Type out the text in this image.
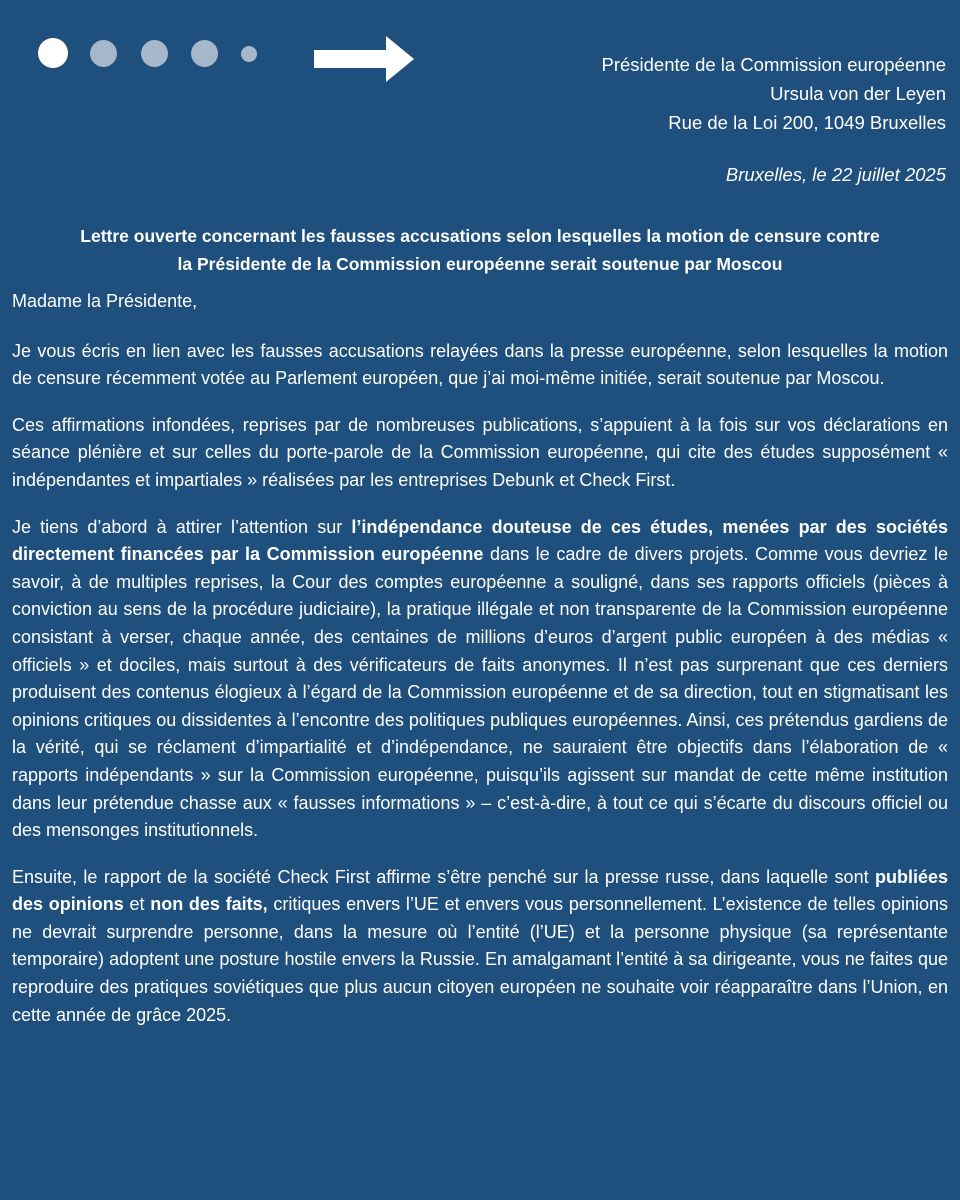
Présidente de la Commission européenne
Ursula von der Leyen
Rue de la Loi 200, 1049 Bruxelles
Bruxelles, le 22 juillet 2025
Lettre ouverte concernant les fausses accusations selon lesquelles la motion de censure contre
la Présidente de la Commission européenne serait soutenue par Moscou

Madame la Présidente,

Je vous écris en lien avec les fausses accusations relayées dans la presse européenne, selon lesquelles la motion de censure récemment votée au Parlement européen, que j’ai moi-même initiée, serait soutenue par Moscou.

Ces affirmations infondées, reprises par de nombreuses publications, s’appuient à la fois sur vos déclarations en séance plénière et sur celles du porte-parole de la Commission européenne, qui cite des études supposément « indépendantes et impartiales » réalisées par les entreprises Debunk et Check First.

Je tiens d’abord à attirer l’attention sur l’indépendance douteuse de ces études, menées par des sociétés directement financées par la Commission européenne dans le cadre de divers projets. Comme vous devriez le savoir, à de multiples reprises, la Cour des comptes européenne a souligné, dans ses rapports officiels (pièces à conviction au sens de la procédure judiciaire), la pratique illégale et non transparente de la Commission européenne consistant à verser, chaque année, des centaines de millions d’euros d’argent public européen à des médias « officiels » et dociles, mais surtout à des vérificateurs de faits anonymes. Il n’est pas surprenant que ces derniers produisent des contenus élogieux à l’égard de la Commission européenne et de sa direction, tout en stigmatisant les opinions critiques ou dissidentes à l’encontre des politiques publiques européennes. Ainsi, ces prétendus gardiens de la vérité, qui se réclament d’impartialité et d’indépendance, ne sauraient être objectifs dans l’élaboration de « rapports indépendants » sur la Commission européenne, puisqu’ils agissent sur mandat de cette même institution dans leur prétendue chasse aux « fausses informations » – c’est-à-dire, à tout ce qui s’écarte du discours officiel ou des mensonges institutionnels.

Ensuite, le rapport de la société Check First affirme s’être penché sur la presse russe, dans laquelle sont publiées des opinions et non des faits, critiques envers l’UE et envers vous personnellement. L’existence de telles opinions ne devrait surprendre personne, dans la mesure où l’entité (l’UE) et la personne physique (sa représentante temporaire) adoptent une posture hostile envers la Russie. En amalgamant l’entité à sa dirigeante, vous ne faites que reproduire des pratiques soviétiques que plus aucun citoyen européen ne souhaite voir réapparaître dans l’Union, en cette année de grâce 2025.
